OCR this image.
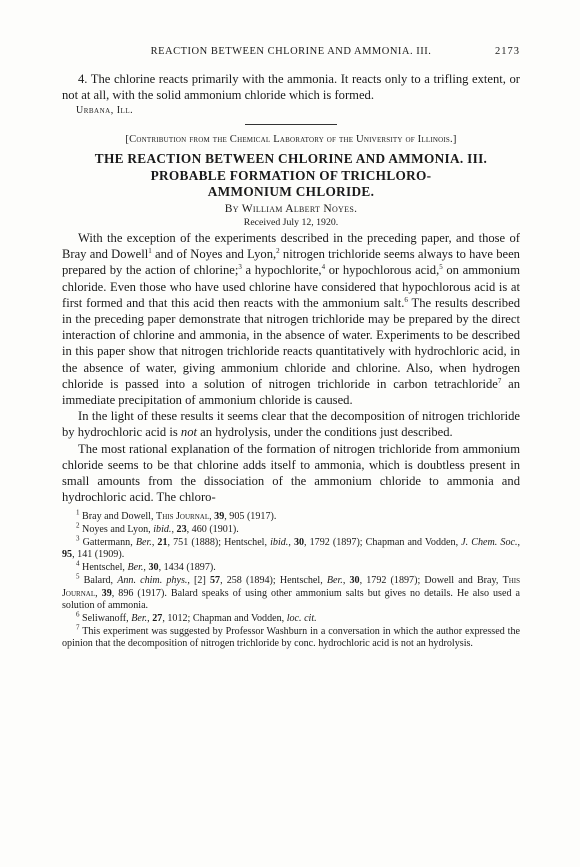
REACTION BETWEEN CHLORINE AND AMMONIA. III.	2173

4. The chlorine reacts primarily with the ammonia. It reacts only to a trifling extent, or not at all, with the solid ammonium chloride which is formed.

Urbana, Ill.
[Contribution from the Chemical Laboratory of the University of Illinois.]
THE REACTION BETWEEN CHLORINE AND AMMONIA. III.
PROBABLE FORMATION OF TRICHLORO-
AMMONIUM CHLORIDE.
By William Albert Noyes.
Received July 12, 1920.

With the exception of the experiments described in the preceding paper, and those of Bray and Dowell$^1$ and of Noyes and Lyon,$^2$ nitrogen trichloride seems always to have been prepared by the action of chlorine;$^3$ a hypochlorite,$^4$ or hypochlorous acid,$^5$ on ammonium chloride. Even those who have used chlorine have considered that hypochlorous acid is at first formed and that this acid then reacts with the ammonium salt.$^6$ The results described in the preceding paper demonstrate that nitrogen trichloride may be prepared by the direct interaction of chlorine and ammonia, in the absence of water. Experiments to be described in this paper show that nitrogen trichloride reacts quantitatively with hydrochloric acid, in the absence of water, giving ammonium chloride and chlorine. Also, when hydrogen chloride is passed into a solution of nitrogen trichloride in carbon tetrachloride$^7$ an immediate precipitation of ammonium chloride is caused.

In the light of these results it seems clear that the decomposition of nitrogen trichloride by hydrochloric acid is not an hydrolysis, under the conditions just described.

The most rational explanation of the formation of nitrogen trichloride from ammonium chloride seems to be that chlorine adds itself to ammonia, which is doubtless present in small amounts from the dissociation of the ammonium chloride to ammonia and hydrochloric acid. The chloro-

$^1$ Bray and Dowell, This Journal, 39, 905 (1917).

$^2$ Noyes and Lyon, ibid., 23, 460 (1901).

$^3$ Gattermann, Ber., 21, 751 (1888); Hentschel, ibid., 30, 1792 (1897); Chapman and Vodden, J. Chem. Soc., 95, 141 (1909).

$^4$ Hentschel, Ber., 30, 1434 (1897).

$^5$ Balard, Ann. chim. phys., [2] 57, 258 (1894); Hentschel, Ber., 30, 1792 (1897); Dowell and Bray, This Journal, 39, 896 (1917). Balard speaks of using other ammonium salts but gives no details. He also used a solution of ammonia.

$^6$ Seliwanoff, Ber., 27, 1012; Chapman and Vodden, loc. cit.

$^7$ This experiment was suggested by Professor Washburn in a conversation in which the author expressed the opinion that the decomposition of nitrogen trichloride by conc. hydrochloric acid is not an hydrolysis.
